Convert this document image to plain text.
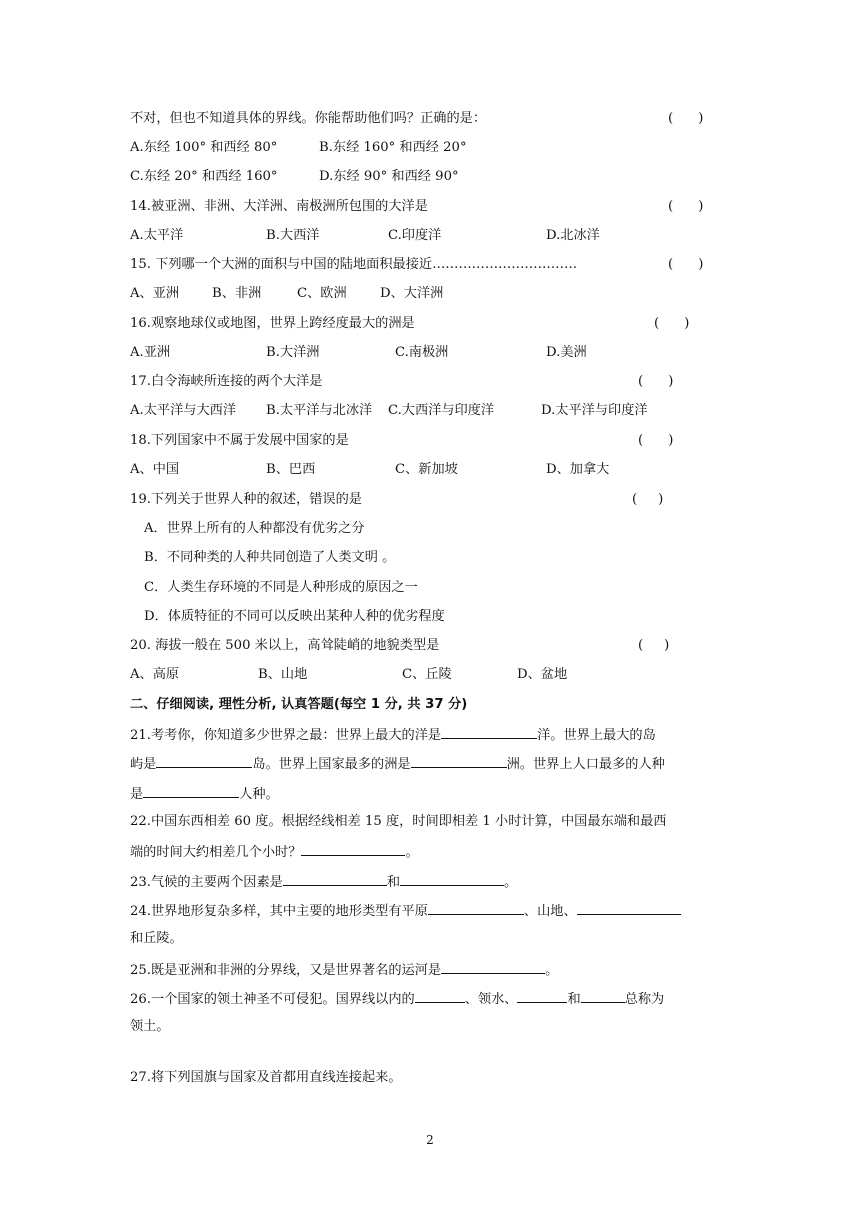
不对，但也不知道具体的界线。你能帮助他们吗？正确的是：	(      )
A.东经 100° 和西经 80°	B.东经 160° 和西经 20°
C.东经 20° 和西经 160°	D.东经 90° 和西经 90°
14.被亚洲、非洲、大洋洲、南极洲所包围的大洋是	(      )
A.太平洋	B.大西洋	C.印度洋	D.北冰洋
15. 下列哪一个大洲的面积与中国的陆地面积最接近……………………………	(      )
A、亚洲 B、非洲	C、欧洲	D、大洋洲
16.观察地球仪或地图，世界上跨经度最大的洲是	(      )
A.亚洲	B.大洋洲	C.南极洲	D.美洲
17.白令海峡所连接的两个大洋是	(      )
A.太平洋与大西洋 B.太平洋与北冰洋 C.大西洋与印度洋	D.太平洋与印度洋
18.下列国家中不属于发展中国家的是	(      )
A、中国	B、巴西	C、新加坡	D、加拿大
19.下列关于世界人种的叙述，错误的是	(     )
A．世界上所有的人种都没有优劣之分
B．不同种类的人种共同创造了人类文明 。
C．人类生存环境的不同是人种形成的原因之一
D．体质特征的不同可以反映出某种人种的优劣程度
20. 海拔一般在 500 米以上，高耸陡峭的地貌类型是	(     )
A、高原	B、山地	C、丘陵	D、盆地
二、仔细阅读, 理性分析, 认真答题(每空 1 分, 共 37 分)
21.考考你，你知道多少世界之最：世界上最大的洋是	洋。世界上最大的岛
屿是	岛。世界上国家最多的洲是	洲。世界上人口最多的人种
是	人种。
22.中国东西相差 60 度。根据经线相差 15 度，时间即相差 1 小时计算，中国最东端和最西
端的时间大约相差几个小时？	。
23.气候的主要两个因素是	和	。
24.世界地形复杂多样，其中主要的地形类型有平原	、山地、
和丘陵。
25.既是亚洲和非洲的分界线，又是世界著名的运河是	。
26.一个国家的领土神圣不可侵犯。国界线以内的	、领水、	和	总称为
领土。
27.将下列国旗与国家及首都用直线连接起来。
2
